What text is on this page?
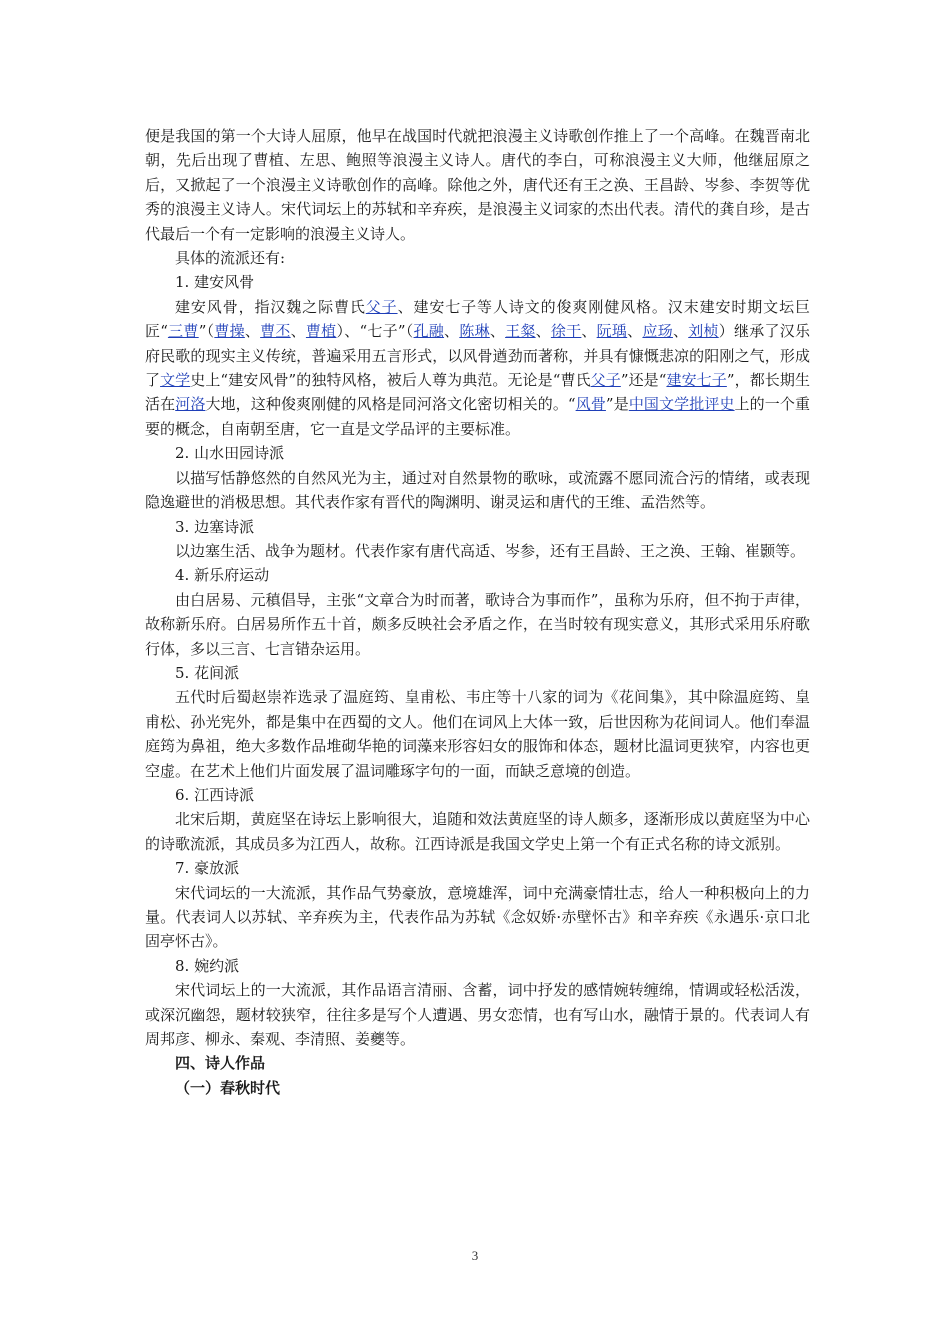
便是我国的第一个大诗人屈原，他早在战国时代就把浪漫主义诗歌创作推上了一个高峰。在魏晋南北朝，先后出现了曹植、左思、鲍照等浪漫主义诗人。唐代的李白，可称浪漫主义大师，他继屈原之后，又掀起了一个浪漫主义诗歌创作的高峰。除他之外，唐代还有王之涣、王昌龄、岑参、李贺等优秀的浪漫主义诗人。宋代词坛上的苏轼和辛弃疾，是浪漫主义词家的杰出代表。清代的龚自珍，是古代最后一个有一定影响的浪漫主义诗人。

具体的流派还有:

1. 建安风骨

建安风骨，指汉魏之际曹氏父子、建安七子等人诗文的俊爽刚健风格。汉末建安时期文坛巨匠“三曹”（曹操、曹丕、曹植）、“七子”（孔融、陈琳、王粲、徐干、阮瑀、应玚、刘桢）继承了汉乐府民歌的现实主义传统，普遍采用五言形式，以风骨遒劲而著称，并具有慷慨悲凉的阳刚之气，形成了文学史上“建安风骨”的独特风格，被后人尊为典范。无论是“曹氏父子”还是“建安七子”，都长期生活在河洛大地，这种俊爽刚健的风格是同河洛文化密切相关的。“风骨”是中国文学批评史上的一个重要的概念，自南朝至唐，它一直是文学品评的主要标准。

2. 山水田园诗派

以描写恬静悠然的自然风光为主，通过对自然景物的歌咏，或流露不愿同流合污的情绪，或表现隐逸避世的消极思想。其代表作家有晋代的陶渊明、谢灵运和唐代的王维、孟浩然等。

3. 边塞诗派

以边塞生活、战争为题材。代表作家有唐代高适、岑参，还有王昌龄、王之涣、王翰、崔颢等。

4. 新乐府运动

由白居易、元稹倡导，主张“文章合为时而著，歌诗合为事而作”，虽称为乐府，但不拘于声律，故称新乐府。白居易所作五十首，颇多反映社会矛盾之作，在当时较有现实意义，其形式采用乐府歌行体，多以三言、七言错杂运用。

5. 花间派

五代时后蜀赵崇祚选录了温庭筠、皇甫松、韦庄等十八家的词为《花间集》，其中除温庭筠、皇甫松、孙光宪外，都是集中在西蜀的文人。他们在词风上大体一致，后世因称为花间词人。他们奉温庭筠为鼻祖，绝大多数作品堆砌华艳的词藻来形容妇女的服饰和体态，题材比温词更狭窄，内容也更空虚。在艺术上他们片面发展了温词雕琢字句的一面，而缺乏意境的创造。

6. 江西诗派

北宋后期，黄庭坚在诗坛上影响很大，追随和效法黄庭坚的诗人颇多，逐渐形成以黄庭坚为中心的诗歌流派，其成员多为江西人，故称。江西诗派是我国文学史上第一个有正式名称的诗文派别。

7. 豪放派

宋代词坛的一大流派，其作品气势豪放，意境雄浑，词中充满豪情壮志，给人一种积极向上的力量。代表词人以苏轼、辛弃疾为主，代表作品为苏轼《念奴娇·赤壁怀古》和辛弃疾《永遇乐·京口北固亭怀古》。

8. 婉约派

宋代词坛上的一大流派，其作品语言清丽、含蓄，词中抒发的感情婉转缠绵，情调或轻松活泼，或深沉幽怨，题材较狭窄，往往多是写个人遭遇、男女恋情，也有写山水，融情于景的。代表词人有周邦彦、柳永、秦观、李清照、姜夔等。

四、诗人作品

（一）春秋时代

3
